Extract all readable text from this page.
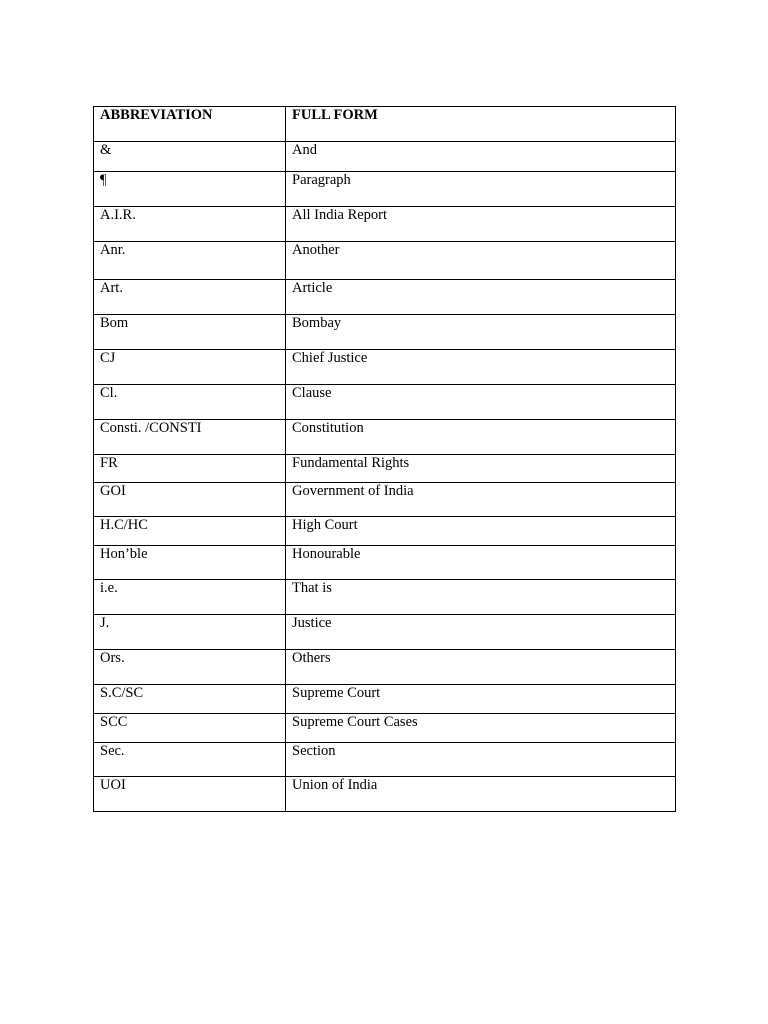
ABBREVIATION	FULL FORM
&	And
¶	Paragraph
A.I.R.	All India Report
Anr.	Another
Art.	Article
Bom	Bombay
CJ	Chief Justice
Cl.	Clause
Consti. /CONSTI	Constitution
FR	Fundamental Rights
GOI	Government of India
H.C/HC	High Court
Hon’ble	Honourable
i.e.	That is
J.	Justice
Ors.	Others
S.C/SC	Supreme Court
SCC	Supreme Court Cases
Sec.	Section
UOI	Union of India
